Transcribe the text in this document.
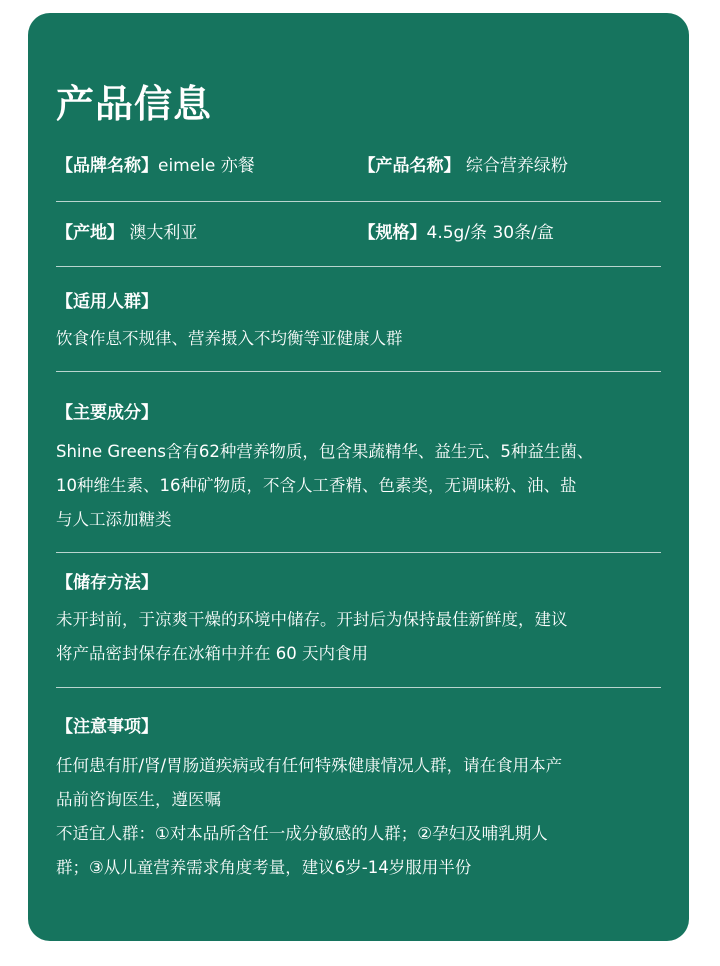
产品信息
【品牌名称】eimele 亦餐	【产品名称】 综合营养绿粉
【产地】 澳大利亚	【规格】4.5g/条 30条/盒
【适用人群】

饮食作息不规律、营养摄入不均衡等亚健康人群

【主要成分】

Shine Greens含有62种营养物质，包含果蔬精华、益生元、5种益生菌、

10种维生素、16种矿物质，不含人工香精、色素类，无调味粉、油、盐

与人工添加糖类

【储存方法】

未开封前，于凉爽干燥的环境中储存。开封后为保持最佳新鲜度，建议

将产品密封保存在冰箱中并在 60 天内食用

【注意事项】

任何患有肝/肾/胃肠道疾病或有任何特殊健康情况人群，请在食用本产

品前咨询医生，遵医嘱

不适宜人群：①对本品所含任一成分敏感的人群；②孕妇及哺乳期人

群；③从儿童营养需求角度考量，建议6岁-14岁服用半份
